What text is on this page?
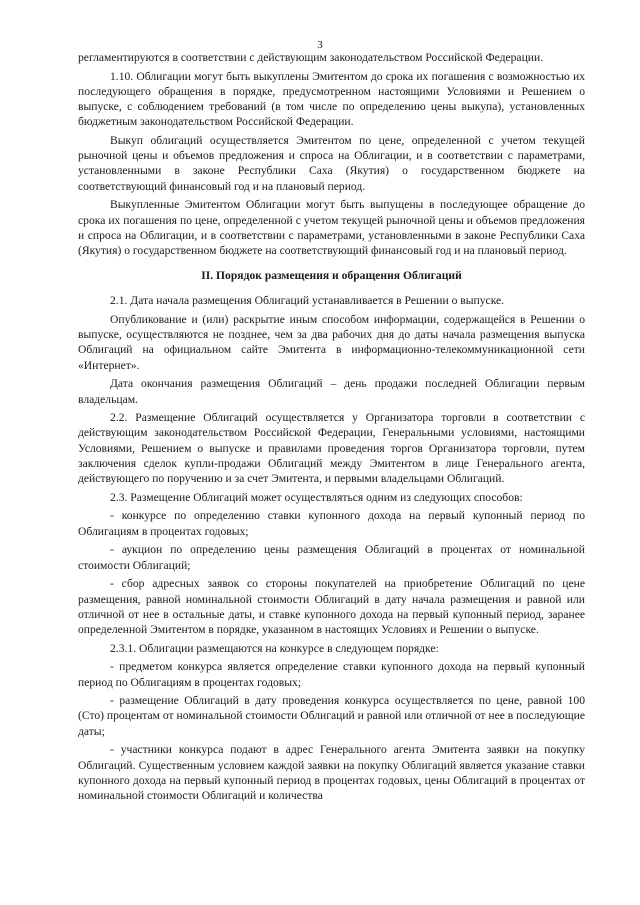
3

регламентируются в соответствии с действующим законодательством Российской Федерации.

1.10. Облигации могут быть выкуплены Эмитентом до срока их погашения с возможностью их последующего обращения в порядке, предусмотренном настоящими Условиями и Решением о выпуске, с соблюдением требований (в том числе по определению цены выкупа), установленных бюджетным законодательством Российской Федерации.

Выкуп облигаций осуществляется Эмитентом по цене, определенной с учетом текущей рыночной цены и объемов предложения и спроса на Облигации, и в соответствии с параметрами, установленными в законе Республики Саха (Якутия) о государственном бюджете на соответствующий финансовый год и на плановый период.

Выкупленные Эмитентом Облигации могут быть выпущены в последующее обращение до срока их погашения по цене, определенной с учетом текущей рыночной цены и объемов предложения и спроса на Облигации, и в соответствии с параметрами, установленными в законе Республики Саха (Якутия) о государственном бюджете на соответствующий финансовый год и на плановый период.

II. Порядок размещения и обращения Облигаций

2.1. Дата начала размещения Облигаций устанавливается в Решении о выпуске.

Опубликование и (или) раскрытие иным способом информации, содержащейся в Решении о выпуске, осуществляются не позднее, чем за два рабочих дня до даты начала размещения выпуска Облигаций на официальном сайте Эмитента в информационно-телекоммуникационной сети «Интернет».

Дата окончания размещения Облигаций – день продажи последней Облигации первым владельцам.

2.2. Размещение Облигаций осуществляется у Организатора торговли в соответствии с действующим законодательством Российской Федерации, Генеральными условиями, настоящими Условиями, Решением о выпуске и правилами проведения торгов Организатора торговли, путем заключения сделок купли-продажи Облигаций между Эмитентом в лице Генерального агента, действующего по поручению и за счет Эмитента, и первыми владельцами Облигаций.

2.3. Размещение Облигаций может осуществляться одним из следующих способов:

- конкурсе по определению ставки купонного дохода на первый купонный период по Облигациям в процентах годовых;

- аукцион по определению цены размещения Облигаций в процентах от номинальной стоимости Облигаций;

- сбор адресных заявок со стороны покупателей на приобретение Облигаций по цене размещения, равной номинальной стоимости Облигаций в дату начала размещения и равной или отличной от нее в остальные даты, и ставке купонного дохода на первый купонный период, заранее определенной Эмитентом в порядке, указанном в настоящих Условиях и Решении о выпуске.

2.3.1. Облигации размещаются на конкурсе в следующем порядке:

- предметом конкурса является определение ставки купонного дохода на первый купонный период по Облигациям в процентах годовых;

- размещение Облигаций в дату проведения конкурса осуществляется по цене, равной 100 (Сто) процентам от номинальной стоимости Облигаций и равной или отличной от нее в последующие даты;

- участники конкурса подают в адрес Генерального агента Эмитента заявки на покупку Облигаций. Существенным условием каждой заявки на покупку Облигаций является указание ставки купонного дохода на первый купонный период в процентах годовых, цены Облигаций в процентах от номинальной стоимости Облигаций и количества
